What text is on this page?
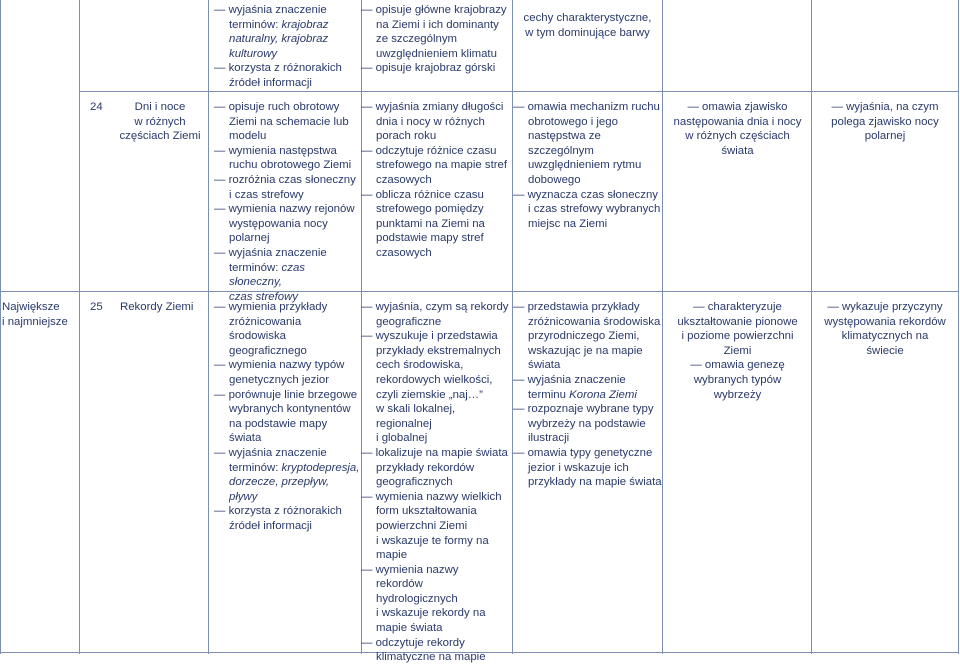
— wyjaśnia znaczenie
terminów: krajobraz
naturalny, krajobraz
kulturowy
— korzysta z różnorakich
źródeł informacji
— opisuje główne krajobrazy
na Ziemi i ich dominanty
ze szczególnym
uwzględnieniem klimatu
— opisuje krajobraz górski
cechy charakterystyczne,
w tym dominujące barwy
24	Dni i noce
w różnych
częściach Ziemi
— opisuje ruch obrotowy
Ziemi na schemacie lub
modelu
— wymienia następstwa
ruchu obrotowego Ziemi
— rozróżnia czas słoneczny
i czas strefowy
— wymienia nazwy rejonów
występowania nocy
polarnej
— wyjaśnia znaczenie
terminów: czas słoneczny,
czas strefowy
— wyjaśnia zmiany długości
dnia i nocy w różnych
porach roku
— odczytuje różnice czasu
strefowego na mapie stref
czasowych
— oblicza różnice czasu
strefowego pomiędzy
punktami na Ziemi na
podstawie mapy stref
czasowych
— omawia mechanizm ruchu
obrotowego i jego
następstwa ze
szczególnym
uwzględnieniem rytmu
dobowego
— wyznacza czas słoneczny
i czas strefowy wybranych
miejsc na Ziemi
— omawia zjawisko
następowania dnia i nocy
w różnych częściach
świata
— wyjaśnia, na czym
polega zjawisko nocy
polarnej
Największe
i najmniejsze
25	Rekordy Ziemi
—	wymienia przykłady
zróżnicowania środowiska
geograficznego
— wymienia nazwy typów
genetycznych jezior
— porównuje linie brzegowe
wybranych kontynentów
na podstawie mapy
świata
— wyjaśnia znaczenie
terminów: kryptodepresja,
dorzecze, przepływ, pływy
— korzysta z różnorakich
źródeł informacji
— wyjaśnia, czym są rekordy
geograficzne
— wyszukuje i przedstawia
przykłady ekstremalnych
cech środowiska,
rekordowych wielkości,
czyli ziemskie „naj…”
w skali lokalnej, regionalnej
i globalnej
— lokalizuje na mapie świata
przykłady rekordów
geograficznych
— wymienia nazwy wielkich
form ukształtowania
powierzchni Ziemi
i wskazuje te formy na
mapie
— wymienia nazwy
rekordów
hydrologicznych
i wskazuje rekordy na
mapie świata
— odczytuje rekordy
klimatyczne na mapie
— przedstawia przykłady
zróżnicowania środowiska
przyrodniczego Ziemi,
wskazując je na mapie
świata
— wyjaśnia znaczenie
terminu Korona Ziemi
— rozpoznaje wybrane typy
wybrzeży na podstawie
ilustracji
— omawia typy genetyczne
jezior i wskazuje ich
przykłady na mapie świata
— charakteryzuje
ukształtowanie pionowe
i poziome powierzchni
Ziemi
— omawia genezę
wybranych typów
wybrzeży
— wykazuje przyczyny
występowania rekordów
klimatycznych na
świecie
